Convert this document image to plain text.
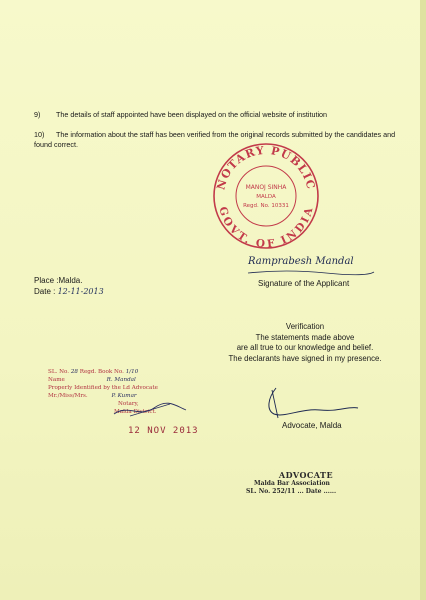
9) The details of staff appointed have been displayed on the official website of institution
10) The information about the staff has been verified from the original records submitted by the candidates and found correct.
NOTARY PUBLIC
GOVT. OF INDIA
MANOJ SINHA
MALDA
Regd. No. 10331
Ramprabesh Mandal
Signature of the Applicant
Place :Malda.
Date : 12-11-2013
Verification
The statements made above
are all true to our knowledge and belief.
The declarants have signed in my presence.
SL. No. 28 Regd. Book No. 1/10
Name	R. Mandal
Properly Identified by the Ld Advocate
Mr./Miss/Mrs.	P. Kumar
Notary,
Malda District.
12 NOV 2013
Advocate, Malda
ADVOCATE
Malda Bar Association
SL. No. 252/11 ... Date ......
